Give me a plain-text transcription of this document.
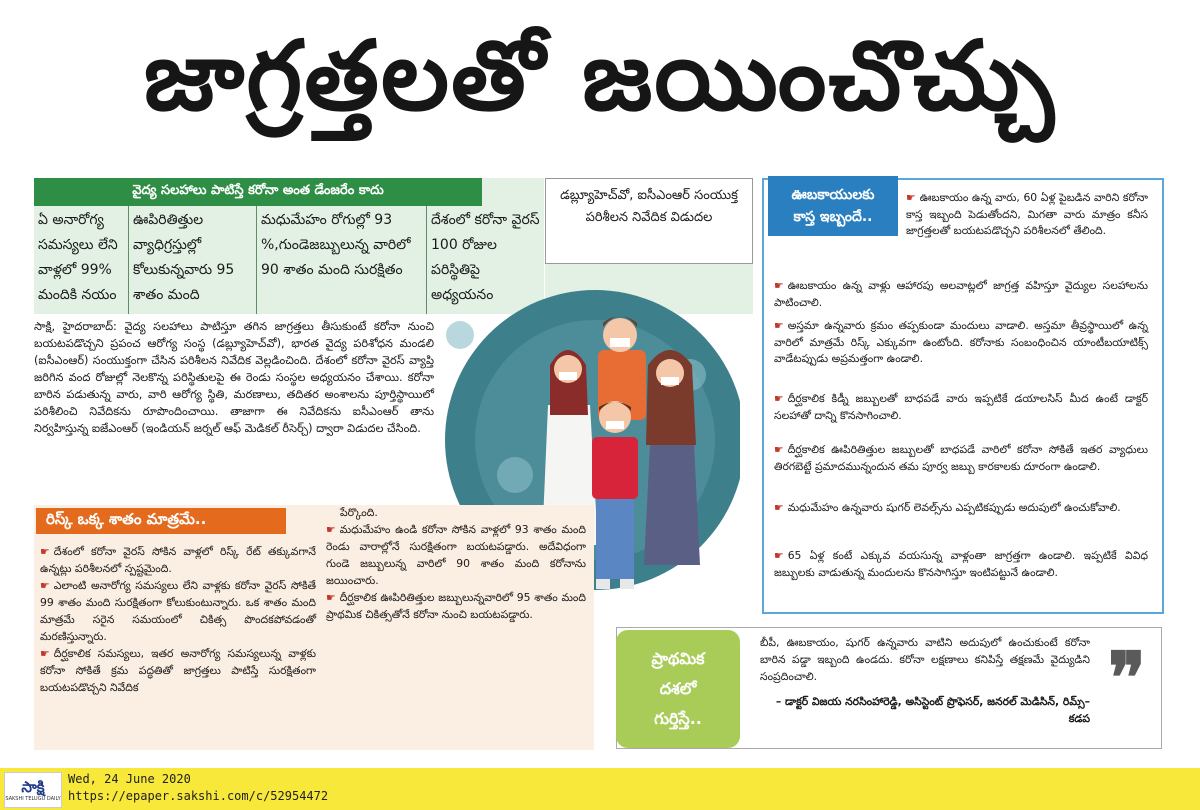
జాగ్రత్తలతో జయించొచ్చు
వైద్య సలహాలు పాటిస్తే కరోనా అంత డేంజరేం కాదు
ఏ అనారోగ్య సమస్యలు లేని వాళ్లలో 99% మందికి నయం
ఊపిరితిత్తుల వ్యాధిగ్రస్తుల్లో కోలుకున్నవారు 95 శాతం మంది
మధుమేహం రోగుల్లో 93 %,గుండెజబ్బులున్న వారిలో 90 శాతం మంది సురక్షితం
దేశంలో కరోనా వైరస్ 100 రోజుల పరిస్థితిపై అధ్యయనం
డబ్ల్యూహెచ్‌వో, ఐసీఎంఆర్ సంయుక్త పరిశీలన నివేదిక విడుదల
సాక్షి, హైదరాబాద్: వైద్య సలహాలు పాటిస్తూ తగిన జాగ్రత్తలు తీసుకుంటే కరోనా నుంచి బయటపడొచ్చని ప్రపంచ ఆరోగ్య సంస్థ (డబ్ల్యూహెచ్‌వో), భారత వైద్య పరిశోధన మండలి (ఐసీఎంఆర్) సంయుక్తంగా చేసిన పరిశీలన నివేదిక వెల్లడించింది. దేశంలో కరోనా వైరస్ వ్యాప్తి జరిగిన వంద రోజుల్లో నెలకొన్న పరిస్థితులపై ఈ రెండు సంస్థల అధ్యయనం చేశాయి. కరోనా బారిన పడుతున్న వారు, వారి ఆరోగ్య స్థితి, మరణాలు, తదితర అంశాలను పూర్తిస్థాయిలో పరిశీలించి నివేదికను రూపొందించాయి. తాజాగా ఈ నివేదికను ఐసీఎంఆర్ తాను నిర్వహిస్తున్న ఐజేఎంఆర్ (ఇండియన్ జర్నల్ ఆఫ్ మెడికల్ రీసెర్చ్) ద్వారా విడుదల చేసింది.
ఊబకాయులకు
కాస్త ఇబ్బందే..
☛ ఊబకాయం ఉన్న వారు, 60 ఏళ్ల పైబడిన వారిని కరోనా కాస్త ఇబ్బంది పెడుతోందని, మిగతా వారు మాత్రం కనీస జాగ్రత్తలతో బయటపడొచ్చని పరిశీలనలో తేలింది.
☛ ఊబకాయం ఉన్న వాళ్లు ఆహారపు అలవాట్లలో జాగ్రత్త వహిస్తూ వైద్యుల సలహాలను పాటించాలి.
☛ అస్తమా ఉన్నవారు క్రమం తప్పకుండా మందులు వాడాలి. అస్తమా తీవ్రస్థాయిలో ఉన్న వారిలో మాత్రమే రిస్క్ ఎక్కువగా ఉంటోంది. కరోనాకు సంబంధించిన యాంటీబయాటిక్స్ వాడేటప్పుడు అప్రమత్తంగా ఉండాలి.
☛ దీర్ఘకాలిక కిడ్నీ జబ్బులతో బాధపడే వారు ఇప్పటికే డయాలసిస్ మీద ఉంటే డాక్టర్ సలహాతో దాన్ని కొనసాగించాలి.
☛ దీర్ఘకాలిక ఊపిరితిత్తుల జబ్బులతో బాధపడే వారిలో కరోనా సోకితే ఇతర వ్యాధులు తిరగబెట్టే ప్రమాదమున్నందున తమ పూర్వ జబ్బు కారకాలకు దూరంగా ఉండాలి.
☛ మధుమేహం ఉన్నవారు షుగర్ లెవల్స్‌ను ఎప్పటికప్పుడు అదుపులో ఉంచుకోవాలి.
☛ 65 ఏళ్ల కంటే ఎక్కువ వయసున్న వాళ్లంతా జాగ్రత్తగా ఉండాలి. ఇప్పటికే వివిధ జబ్బులకు వాడుతున్న మందులను కొనసాగిస్తూ ఇంటిపట్టునే ఉండాలి.
రిస్క్ ఒక్క శాతం మాత్రమే..
☛ దేశంలో కరోనా వైరస్ సోకిన వాళ్లలో రిస్క్ రేట్ తక్కువగానే ఉన్నట్లు పరిశీలనలో స్పష్టమైంది.
☛ ఎలాంటి అనారోగ్య సమస్యలు లేని వాళ్లకు కరోనా వైరస్ సోకితే 99 శాతం మంది సురక్షితంగా కోలుకుంటున్నారు. ఒక శాతం మంది మాత్రమే సరైన సమయంలో చికిత్స పొందకపోవడంతో మరణిస్తున్నారు.
☛ దీర్ఘకాలిక సమస్యలు, ఇతర అనారోగ్య సమస్యలున్న వాళ్లకు కరోనా సోకితే క్రమ పద్ధతితో జాగ్రత్తలు పాటిస్తే సురక్షితంగా బయటపడొచ్చని నివేదిక
పేర్కొంది.
☛ మధుమేహం ఉండి కరోనా సోకిన వాళ్లలో 93 శాతం మంది రెండు వారాల్లోనే సురక్షితంగా బయటపడ్డారు. అదేవిధంగా గుండె జబ్బులున్న వారిలో 90 శాతం మంది కరోనాను జయించారు.
☛ దీర్ఘకాలిక ఊపిరితిత్తుల జబ్బులున్నవారిలో 95 శాతం మంది ప్రాథమిక చికిత్సతోనే కరోనా నుంచి బయటపడ్డారు.
ప్రాథమిక
దశలో
గుర్తిస్తే..
బీపీ, ఊబకాయం, షుగర్ ఉన్నవారు వాటిని అదుపులో ఉంచుకుంటే కరోనా బారిన పడ్డా ఇబ్బంది ఉండదు. కరోనా లక్షణాలు కనిపిస్తే తక్షణమే వైద్యుడిని సంప్రదించాలి.
– డాక్టర్ విజయ నరసింహారెడ్డి, అసిస్టెంట్ ప్రొఫెసర్, జనరల్ మెడిసిన్, రిమ్స్–కడప ❞
సాక్షి
SAKSHI TELUGU DAILY
Wed, 24 June 2020
https://epaper.sakshi.com/c/52954472
